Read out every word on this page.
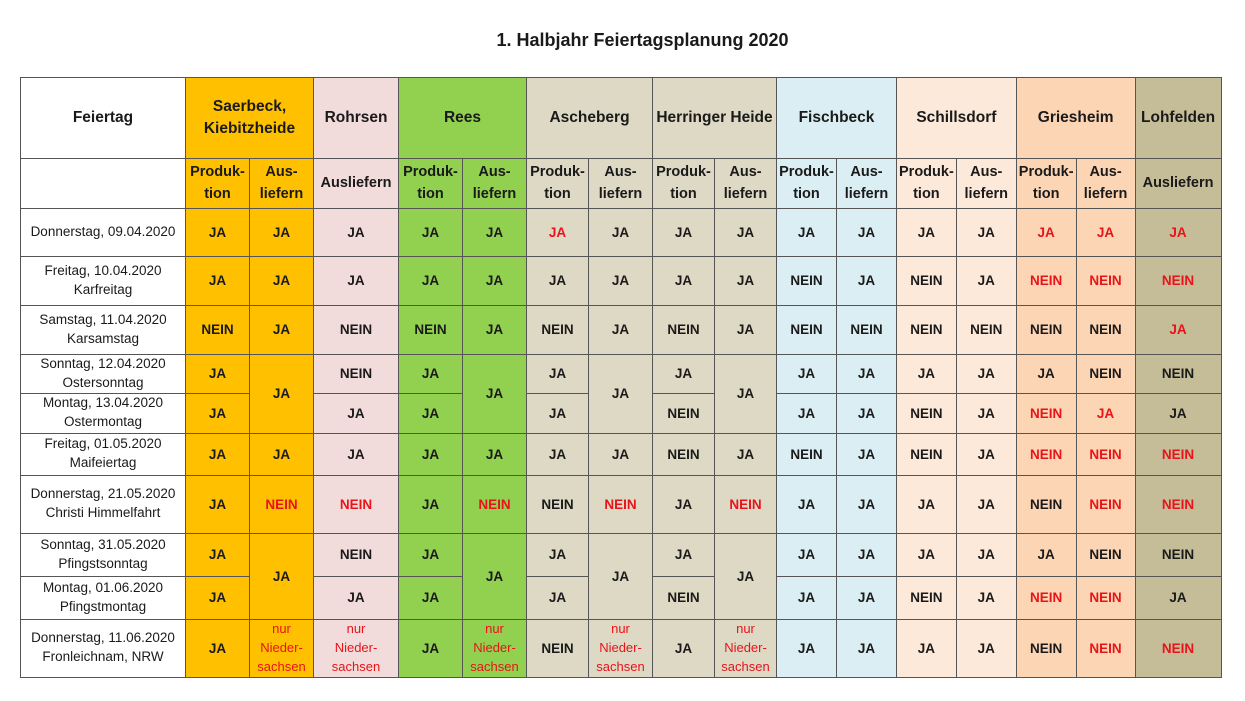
1. Halbjahr Feiertagsplanung 2020
Feiertag	Saerbeck,
Kiebitzheide		Rohrsen	Rees		Ascheberg		Herringer Heide		Fischbeck		Schillsdorf		Griesheim		Lohfelden
	Produk-
tion	Aus-
liefern	Ausliefern	Produk-
tion	Aus-
liefern	Produk-
tion	Aus-
liefern	Produk-
tion	Aus-
liefern	Produk-
tion	Aus-
liefern	Produk-
tion	Aus-
liefern	Produk-
tion	Aus-
liefern	Ausliefern
Donnerstag, 09.04.2020	JA	JA	JA	JA	JA	JA	JA	JA	JA	JA	JA	JA	JA	JA	JA	JA
Freitag, 10.04.2020
Karfreitag	JA	JA	JA	JA	JA	JA	JA	JA	JA	NEIN	JA	NEIN	JA	NEIN	NEIN	NEIN
Samstag, 11.04.2020
Karsamstag	NEIN	JA	NEIN	NEIN	JA	NEIN	JA	NEIN	JA	NEIN	NEIN	NEIN	NEIN	NEIN	NEIN	JA
Sonntag, 12.04.2020
Ostersonntag	JA	JA	NEIN	JA	JA	JA	JA	JA	JA	JA	JA	JA	JA	JA	NEIN	NEIN
Montag, 13.04.2020
Ostermontag	JA		JA	JA		JA		NEIN		JA	JA	NEIN	JA	NEIN	JA	JA
Freitag, 01.05.2020
Maifeiertag	JA	JA	JA	JA	JA	JA	JA	NEIN	JA	NEIN	JA	NEIN	JA	NEIN	NEIN	NEIN
Donnerstag, 21.05.2020
Christi Himmelfahrt	JA	NEIN	NEIN	JA	NEIN	NEIN	NEIN	JA	NEIN	JA	JA	JA	JA	NEIN	NEIN	NEIN
Sonntag, 31.05.2020
Pfingstsonntag	JA	JA	NEIN	JA	JA	JA	JA	JA	JA	JA	JA	JA	JA	JA	NEIN	NEIN
Montag, 01.06.2020
Pfingstmontag	JA		JA	JA		JA		NEIN		JA	JA	NEIN	JA	NEIN	NEIN	JA
Donnerstag, 11.06.2020
Fronleichnam, NRW	JA	nur
Nieder-
sachsen	nur
Nieder-
sachsen	JA	nur
Nieder-
sachsen	NEIN	nur
Nieder-
sachsen	JA	nur
Nieder-
sachsen	JA	JA	JA	JA	NEIN	NEIN	NEIN
